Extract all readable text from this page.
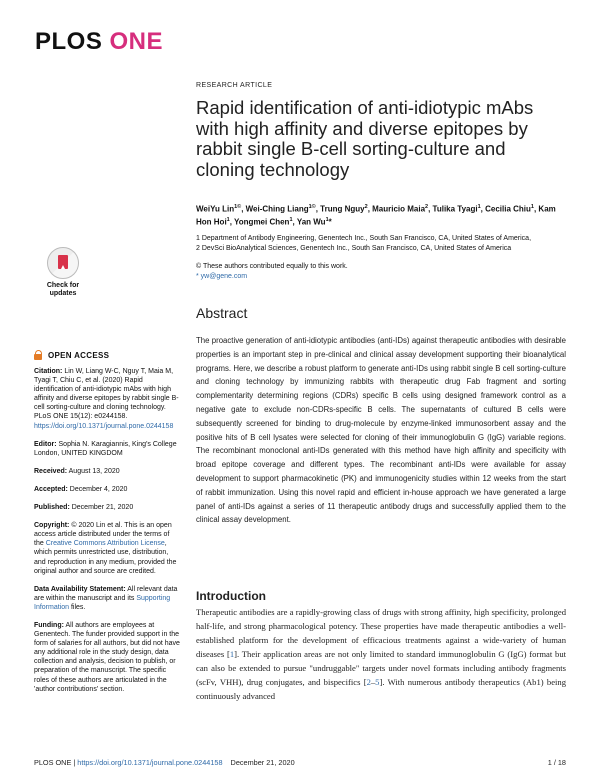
PLOS ONE
Check for updates
OPEN ACCESS

Citation: Lin W, Liang W-C, Nguy T, Maia M, Tyagi T, Chiu C, et al. (2020) Rapid identification of anti-idiotypic mAbs with high affinity and diverse epitopes by rabbit single B-cell sorting-culture and cloning technology. PLoS ONE 15(12): e0244158. https://doi.org/10.1371/journal.pone.0244158

Editor: Sophia N. Karagiannis, King's College London, UNITED KINGDOM

Received: August 13, 2020

Accepted: December 4, 2020

Published: December 21, 2020

Copyright: © 2020 Lin et al. This is an open access article distributed under the terms of the Creative Commons Attribution License, which permits unrestricted use, distribution, and reproduction in any medium, provided the original author and source are credited.

Data Availability Statement: All relevant data are within the manuscript and its Supporting Information files.

Funding: All authors are employees at Genentech. The funder provided support in the form of salaries for all authors, but did not have any additional role in the study design, data collection and analysis, decision to publish, or preparation of the manuscript. The specific roles of these authors are articulated in the 'author contributions' section.

RESEARCH ARTICLE
Rapid identification of anti-idiotypic mAbs with high affinity and diverse epitopes by rabbit single B-cell sorting-culture and cloning technology
WeiYu Lin$^{1©}$, Wei-Ching Liang$^{1©}$, Trung Nguy$^2$, Mauricio Maia$^2$, Tulika Tyagi$^1$, Cecilia Chiu$^1$, Kam Hon Hoi$^1$, Yongmei Chen$^1$, Yan Wu$^1$*
1 Department of Antibody Engineering, Genentech Inc., South San Francisco, CA, United States of America,
2 DevSci BioAnalytical Sciences, Genentech Inc., South San Francisco, CA, United States of America
© These authors contributed equally to this work.
* yw@gene.com
Abstract
The proactive generation of anti-idiotypic antibodies (anti-IDs) against therapeutic antibodies with desirable properties is an important step in pre-clinical and clinical assay development supporting their bioanalytical programs. Here, we describe a robust platform to generate anti-IDs using rabbit single B cell sorting-culture and cloning technology by immunizing rabbits with therapeutic drug Fab fragment and sorting complementarity determining regions (CDRs) specific B cells using designed framework control as a negative gate to exclude non-CDRs-specific B cells. The supernatants of cultured B cells were subsequently screened for binding to drug-molecule by enzyme-linked immunosorbent assay and the positive hits of B cell lysates were selected for cloning of their immunoglobulin G (IgG) variable regions. The recombinant monoclonal anti-IDs generated with this method have high affinity and specificity with broad epitope coverage and different types. The recombinant anti-IDs were available for assay development to support pharmacokinetic (PK) and immunogenicity studies within 12 weeks from the start of rabbit immunization. Using this novel rapid and efficient in-house approach we have generated a large panel of anti-IDs against a series of 11 therapeutic antibody drugs and successfully applied them to the clinical assay development.
Introduction
Therapeutic antibodies are a rapidly-growing class of drugs with strong affinity, high specificity, prolonged half-life, and strong pharmacological potency. These properties have made therapeutic antibodies a well-established platform for the development of efficacious treatments against a wide-variety of human diseases [1]. Their application areas are not only limited to standard immunoglobulin G (IgG) format but can also be extended to pursue "undruggable" targets under novel formats including antibody fragments (scFv, VHH), drug conjugates, and bispecifics [2–5]. With numerous antibody therapeutics (Ab1) being continuously advanced
PLOS ONE | https://doi.org/10.1371/journal.pone.0244158 December 21, 2020	1 / 18
